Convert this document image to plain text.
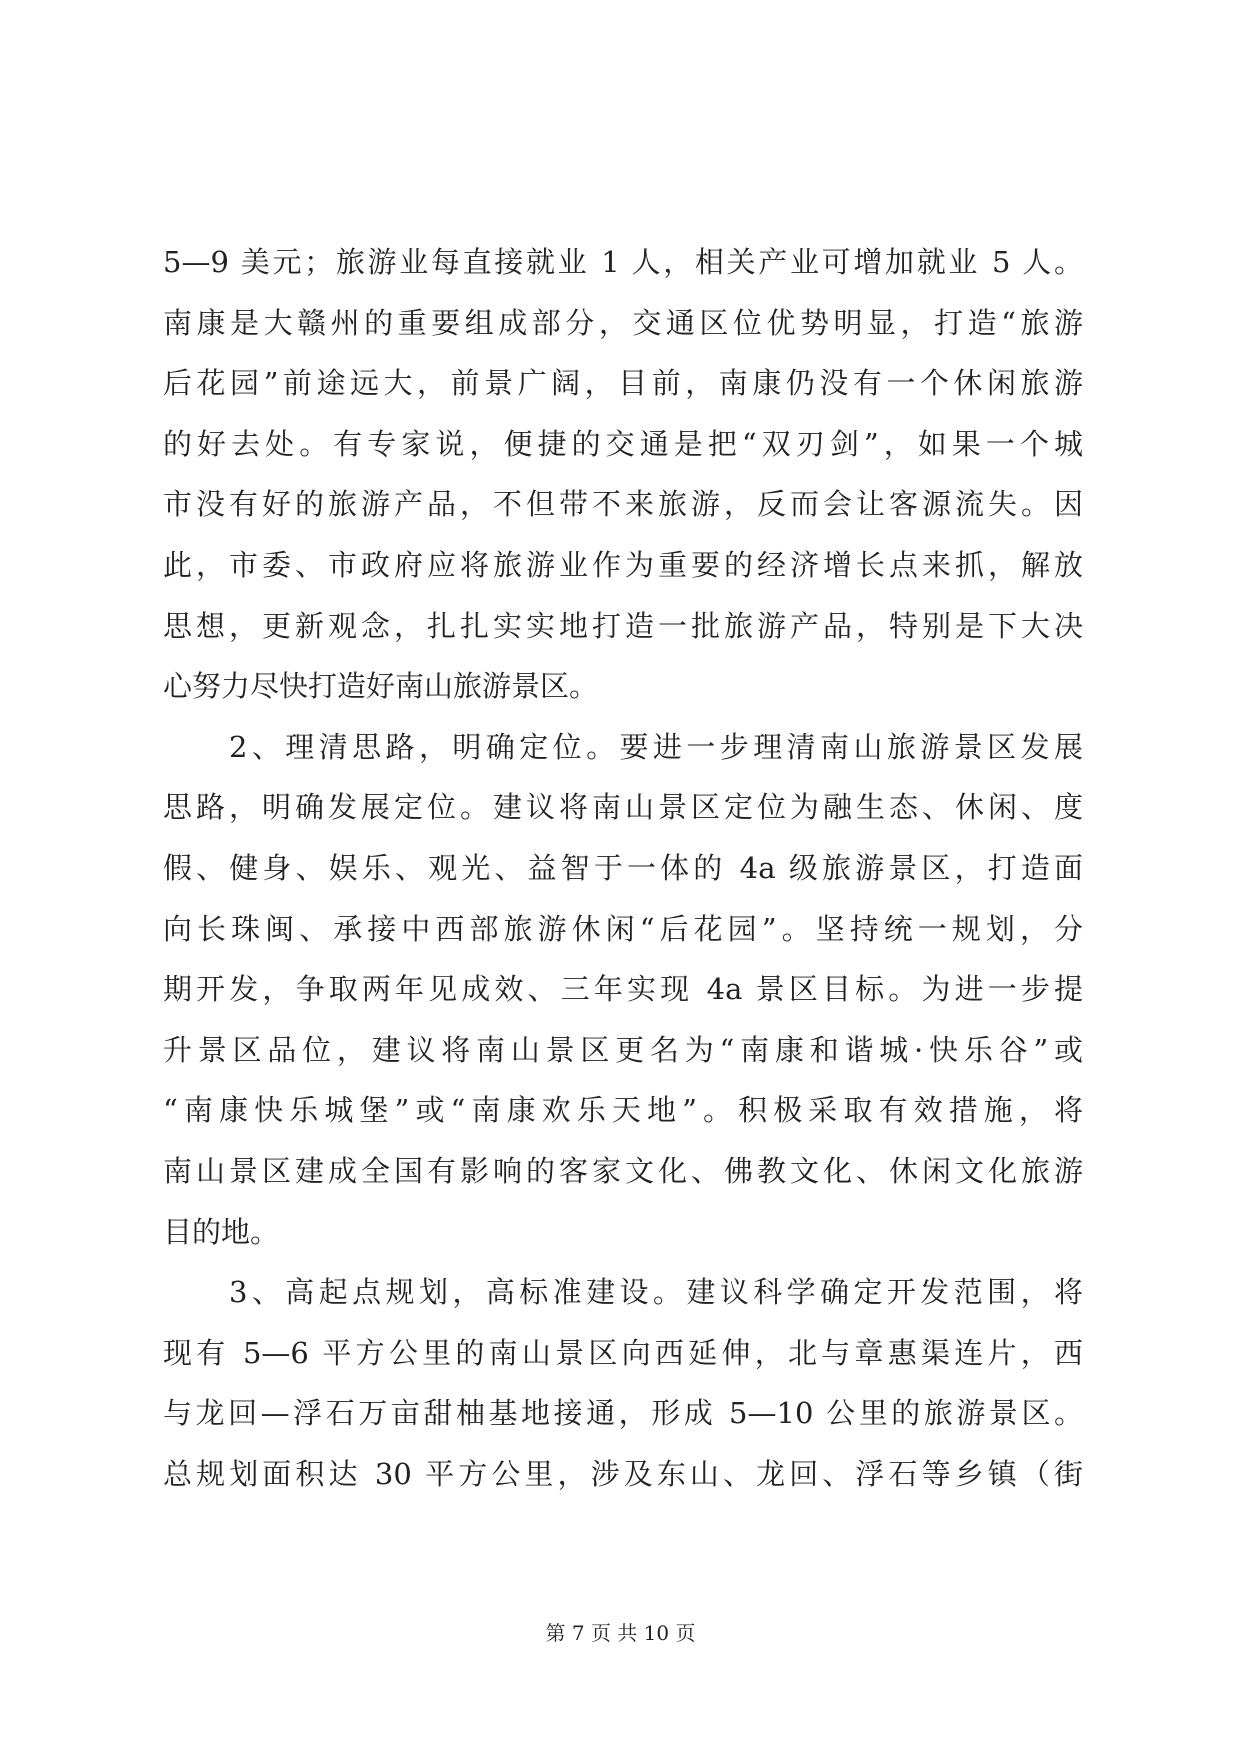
5—9 美元；旅游业每直接就业 1 人，相关产业可增加就业 5 人。
南康是大赣州的重要组成部分，交通区位优势明显，打造“旅游
后花园”前途远大，前景广阔，目前，南康仍没有一个休闲旅游
的好去处。有专家说，便捷的交通是把“双刃剑”，如果一个城
市没有好的旅游产品，不但带不来旅游，反而会让客源流失。因
此，市委、市政府应将旅游业作为重要的经济增长点来抓，解放
思想，更新观念，扎扎实实地打造一批旅游产品，特别是下大决
心努力尽快打造好南山旅游景区。
2、理清思路，明确定位。要进一步理清南山旅游景区发展
思路，明确发展定位。建议将南山景区定位为融生态、休闲、度
假、健身、娱乐、观光、益智于一体的 4a 级旅游景区，打造面
向长珠闽、承接中西部旅游休闲“后花园”。坚持统一规划，分
期开发，争取两年见成效、三年实现 4a 景区目标。为进一步提
升景区品位，建议将南山景区更名为“南康和谐城·快乐谷”或
“南康快乐城堡”或“南康欢乐天地”。积极采取有效措施，将
南山景区建成全国有影响的客家文化、佛教文化、休闲文化旅游
目的地。
3、高起点规划，高标准建设。建议科学确定开发范围，将
现有 5—6 平方公里的南山景区向西延伸，北与章惠渠连片，西
与龙回—浮石万亩甜柚基地接通，形成 5—10 公里的旅游景区。
总规划面积达 30 平方公里，涉及东山、龙回、浮石等乡镇（街
第 7 页 共 10 页
